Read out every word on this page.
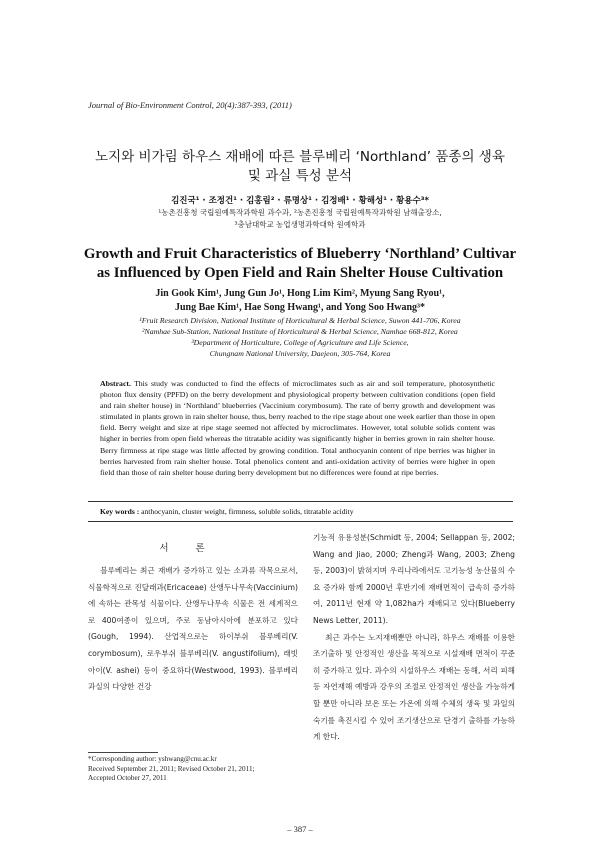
Journal of Bio-Environment Control, 20(4):387-393, (2011)
노지와 비가림 하우스 재배에 따른 블루베리 ‘Northland’ 품종의 생육
및 과실 특성 분석
김진국¹ · 조정건¹ · 김홍림² · 류명상¹ · 김정배¹ · 황해성¹ · 황용수³*
¹농촌진흥청 국립원예특작과학원 과수과, ²농촌진흥청 국립원예특작과학원 남해출장소,
³충남대학교 농업생명과학대학 원예학과
Growth and Fruit Characteristics of Blueberry ‘Northland’ Cultivar
as Influenced by Open Field and Rain Shelter House Cultivation
Jin Gook Kim¹, Jung Gun Jo¹, Hong Lim Kim², Myung Sang Ryou¹,
Jung Bae Kim¹, Hae Song Hwang¹, and Yong Soo Hwang³*
¹Fruit Research Division, National Institute of Horticultural & Herbal Science, Suwon 441-706, Korea
²Namhae Sub-Station, National Institute of Horticultural & Herbal Science, Namhae 668-812, Korea
³Department of Horticulture, College of Agriculture and Life Science,
Chungnam National University, Daejeon, 305-764, Korea
Abstract. This study was conducted to find the effects of microclimates such as air and soil temperature, photosynthetic photon flux density (PPFD) on the berry development and physiological property between cultivation conditions (open field and rain shelter house) in ‘Northland’ blueberries (Vaccinium corymbosum). The rate of berry growth and development was stimulated in plants grown in rain shelter house, thus, berry reached to the ripe stage about one week earlier than those in open field. Berry weight and size at ripe stage seemed not affected by microclimates. However, total soluble solids content was higher in berries from open field whereas the titratable acidity was significantly higher in berries grown in rain shelter house. Berry firmness at ripe stage was little affected by growing condition. Total anthocyanin content of ripe berries was higher in berries harvested from rain shelter house. Total phenolics content and anti-oxidation activity of berries were higher in open field than those of rain shelter house during berry development but no differences were found at ripe berries.
Key words : anthocyanin, cluster weight, firmness, soluble solids, titratable acidity
서 론

블루베리는 최근 재배가 증가하고 있는 소과류 작목으로서, 식물학적으로 진달래과(Ericaceae) 산앵두나무속(Vaccinium)에 속하는 관목성 식물이다. 산앵두나무속 식물은 전 세계적으로 400여종이 있으며, 주로 동남아시아에 분포하고 있다(Gough, 1994). 산업적으로는 하이부쉬 블루베리(V. corymbosum), 로우부쉬 블루베리(V. angustifolium), 래빗아이(V. ashei) 등이 중요하다(Westwood, 1993). 블루베리 과실의 다양한 건강

기능적 유용성분(Schmidt 등, 2004; Sellappan 등, 2002; Wang and Jiao, 2000; Zheng과 Wang, 2003; Zheng 등, 2003)이 밝혀지며 우리나라에서도 고기능성 농산물의 수요 증가와 함께 2000년 후반기에 재배면적이 급속히 증가하여, 2011년 현재 약 1,082ha가 재배되고 있다(Blueberry News Letter, 2011).

최근 과수는 노지재배뿐만 아니라, 하우스 재배를 이용한 조기출하 및 안정적인 생산을 목적으로 시설재배 면적이 꾸준히 증가하고 있다. 과수의 시설하우스 재배는 동해, 서리 피해 등 자연재해 예방과 강우의 조절로 안정적인 생산을 가능하게 할 뿐만 아니라 보온 또는 가온에 의해 수체의 생육 및 과일의 숙기를 촉진시킬 수 있어 조기생산으로 단경기 출하를 가능하게 한다.

*Corresponding author: yshwang@cnu.ac.kr
Received September 21, 2011; Revised October 21, 2011;
Accepted October 27, 2011
– 387 –
